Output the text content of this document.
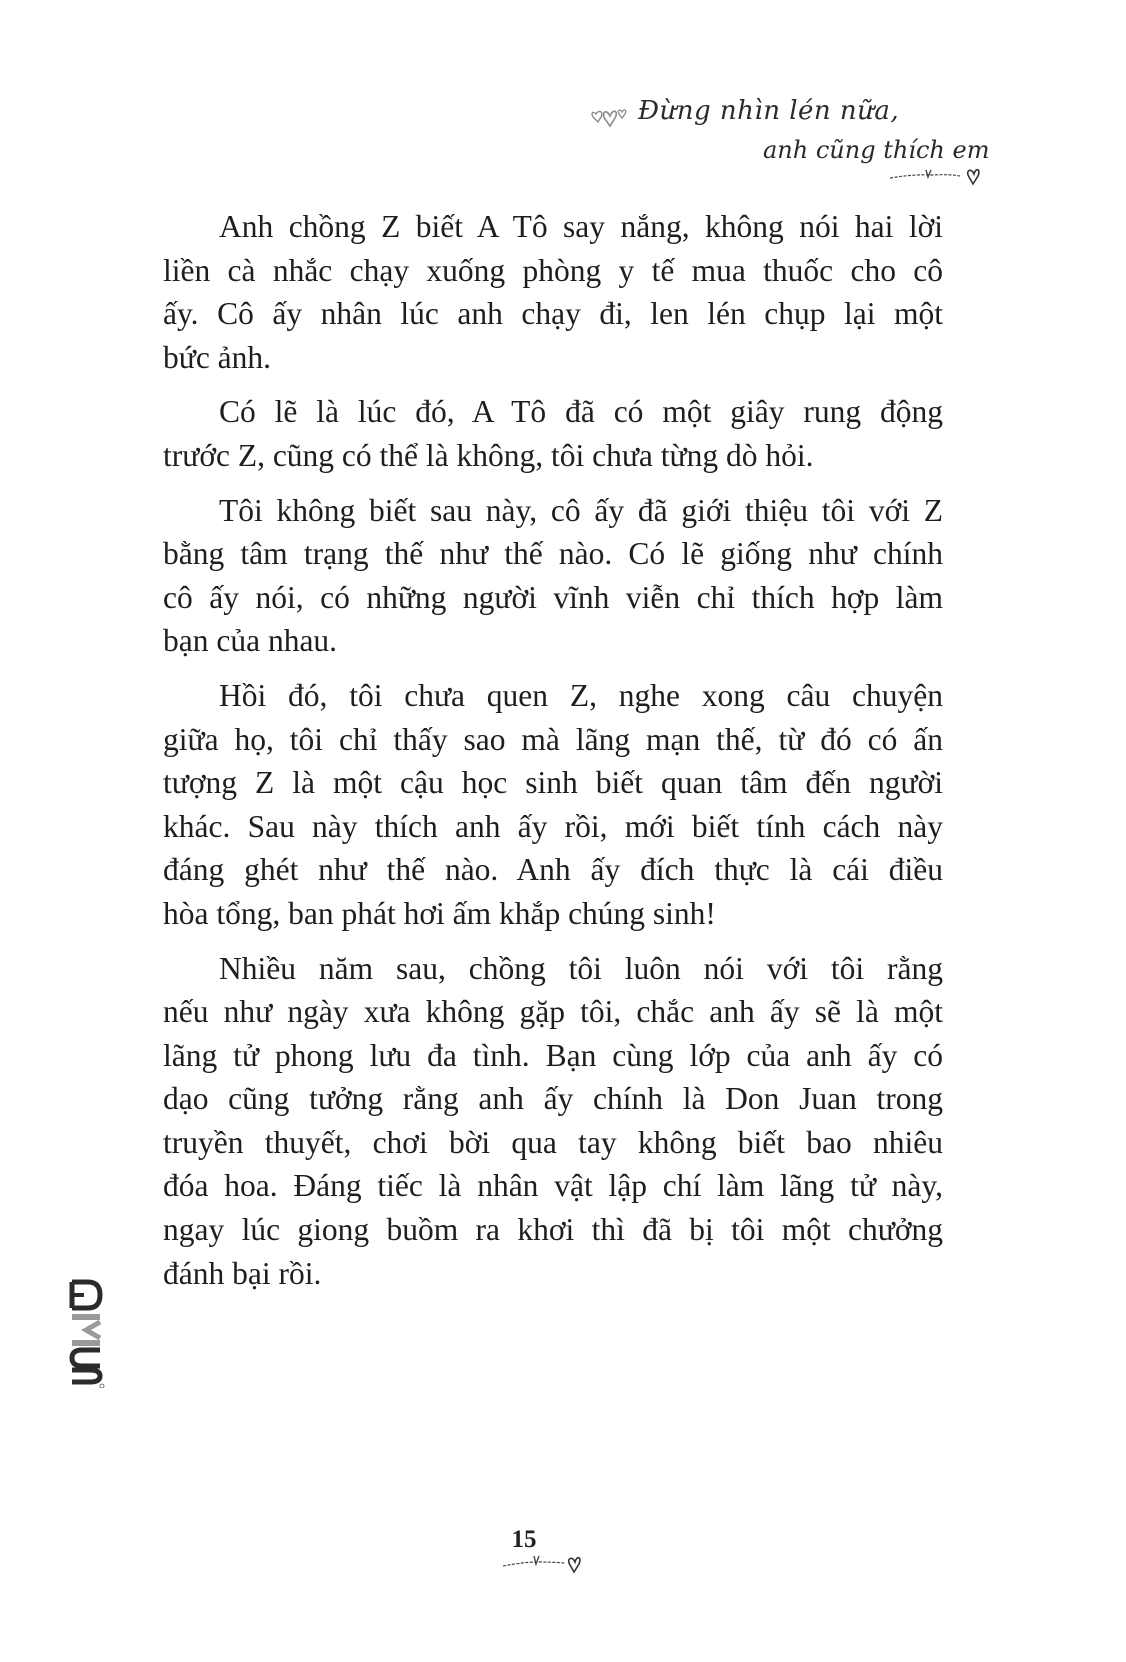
Đừng nhìn lén nữa,
anh cũng thích em
Anh chồng Z biết A Tô say nắng, không nói hai lời
liền cà nhắc chạy xuống phòng y tế mua thuốc cho cô
ấy. Cô ấy nhân lúc anh chạy đi, len lén chụp lại một
bức ảnh.
Có lẽ là lúc đó, A Tô đã có một giây rung động
trước Z, cũng có thể là không, tôi chưa từng dò hỏi.
Tôi không biết sau này, cô ấy đã giới thiệu tôi với Z
bằng tâm trạng thế như thế nào. Có lẽ giống như chính
cô ấy nói, có những người vĩnh viễn chỉ thích hợp làm
bạn của nhau.
Hồi đó, tôi chưa quen Z, nghe xong câu chuyện
giữa họ, tôi chỉ thấy sao mà lãng mạn thế, từ đó có ấn
tượng Z là một cậu học sinh biết quan tâm đến người
khác. Sau này thích anh ấy rồi, mới biết tính cách này
đáng ghét như thế nào. Anh ấy đích thực là cái điều
hòa tổng, ban phát hơi ấm khắp chúng sinh!
Nhiều năm sau, chồng tôi luôn nói với tôi rằng
nếu như ngày xưa không gặp tôi, chắc anh ấy sẽ là một
lãng tử phong lưu đa tình. Bạn cùng lớp của anh ấy có
dạo cũng tưởng rằng anh ấy chính là Don Juan trong
truyền thuyết, chơi bời qua tay không biết bao nhiêu
đóa hoa. Đáng tiếc là nhân vật lập chí làm lãng tử này,
ngay lúc giong buồm ra khơi thì đã bị tôi một chưởng
đánh bại rồi.
15
